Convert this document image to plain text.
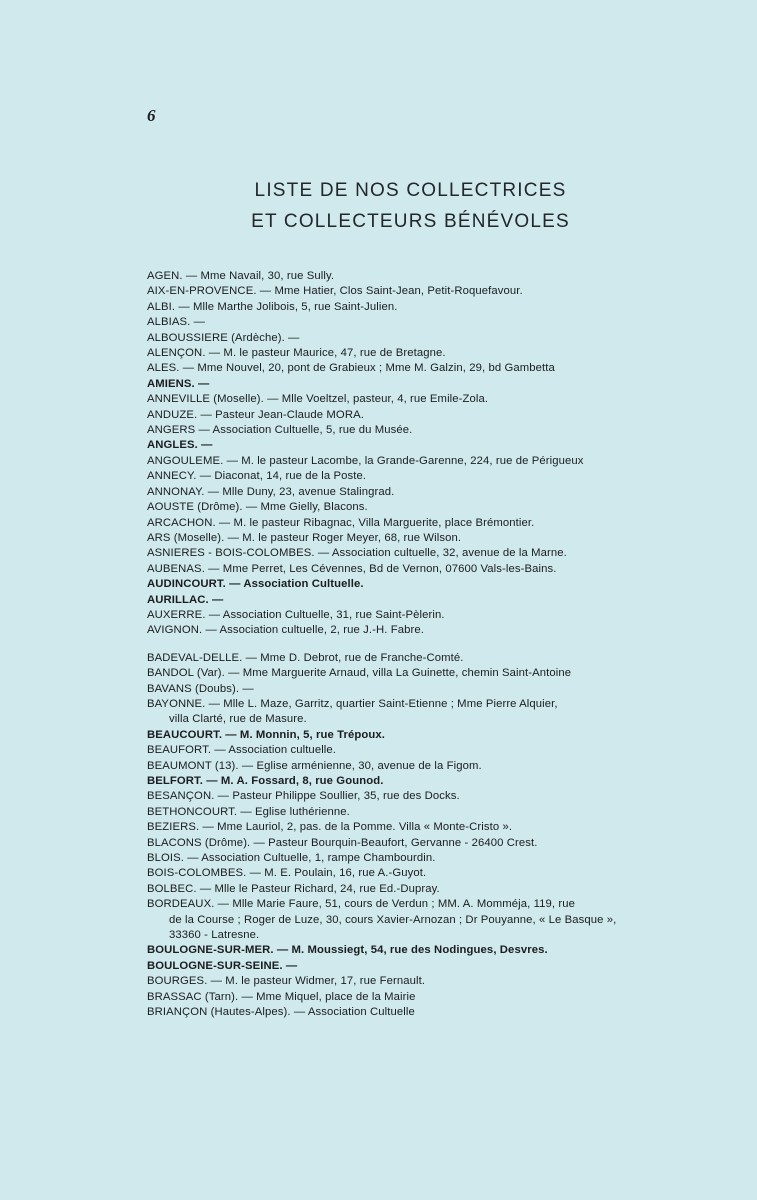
6
LISTE DE NOS COLLECTRICES
ET COLLECTEURS BÉNÉVOLES
AGEN. — Mme Navail, 30, rue Sully.
AIX-EN-PROVENCE. — Mme Hatier, Clos Saint-Jean, Petit-Roquefavour.
ALBI. — Mlle Marthe Jolibois, 5, rue Saint-Julien.
ALBIAS. —
ALBOUSSIERE (Ardèche). —
ALENÇON. — M. le pasteur Maurice, 47, rue de Bretagne.
ALES. — Mme Nouvel, 20, pont de Grabieux ; Mme M. Galzin, 29, bd Gambetta
AMIENS. —
ANNEVILLE (Moselle). — Mlle Voeltzel, pasteur, 4, rue Emile-Zola.
ANDUZE. — Pasteur Jean-Claude MORA.
ANGERS — Association Cultuelle, 5, rue du Musée.
ANGLES. —
ANGOULEME. — M. le pasteur Lacombe, la Grande-Garenne, 224, rue de Périgueux
ANNECY. — Diaconat, 14, rue de la Poste.
ANNONAY. — Mlle Duny, 23, avenue Stalingrad.
AOUSTE (Drôme). — Mme Gielly, Blacons.
ARCACHON. — M. le pasteur Ribagnac, Villa Marguerite, place Brémontier.
ARS (Moselle). — M. le pasteur Roger Meyer, 68, rue Wilson.
ASNIERES - BOIS-COLOMBES. — Association cultuelle, 32, avenue de la Marne.
AUBENAS. — Mme Perret, Les Cévennes, Bd de Vernon, 07600 Vals-les-Bains.
AUDINCOURT. — Association Cultuelle.
AURILLAC. —
AUXERRE. — Association Cultuelle, 31, rue Saint-Pèlerin.
AVIGNON. — Association cultuelle, 2, rue J.-H. Fabre.
BADEVAL-DELLE. — Mme D. Debrot, rue de Franche-Comté.
BANDOL (Var). — Mme Marguerite Arnaud, villa La Guinette, chemin Saint-Antoine
BAVANS (Doubs). —
BAYONNE. — Mlle L. Maze, Garritz, quartier Saint-Etienne ; Mme Pierre Alquier,
villa Clarté, rue de Masure.
BEAUCOURT. — M. Monnin, 5, rue Trépoux.
BEAUFORT. — Association cultuelle.
BEAUMONT (13). — Eglise arménienne, 30, avenue de la Figom.
BELFORT. — M. A. Fossard, 8, rue Gounod.
BESANÇON. — Pasteur Philippe Soullier, 35, rue des Docks.
BETHONCOURT. — Eglise luthérienne.
BEZIERS. — Mme Lauriol, 2, pas. de la Pomme. Villa « Monte-Cristo ».
BLACONS (Drôme). — Pasteur Bourquin-Beaufort, Gervanne - 26400 Crest.
BLOIS. — Association Cultuelle, 1, rampe Chambourdin.
BOIS-COLOMBES. — M. E. Poulain, 16, rue A.-Guyot.
BOLBEC. — Mlle le Pasteur Richard, 24, rue Ed.-Dupray.
BORDEAUX. — Mlle Marie Faure, 51, cours de Verdun ; MM. A. Momméja, 119, rue
de la Course ; Roger de Luze, 30, cours Xavier-Arnozan ; Dr Pouyanne, « Le Basque », 33360 - Latresne.
BOULOGNE-SUR-MER. — M. Moussiegt, 54, rue des Nodingues, Desvres.
BOULOGNE-SUR-SEINE. —
BOURGES. — M. le pasteur Widmer, 17, rue Fernault.
BRASSAC (Tarn). — Mme Miquel, place de la Mairie
BRIANÇON (Hautes-Alpes). — Association Cultuelle
